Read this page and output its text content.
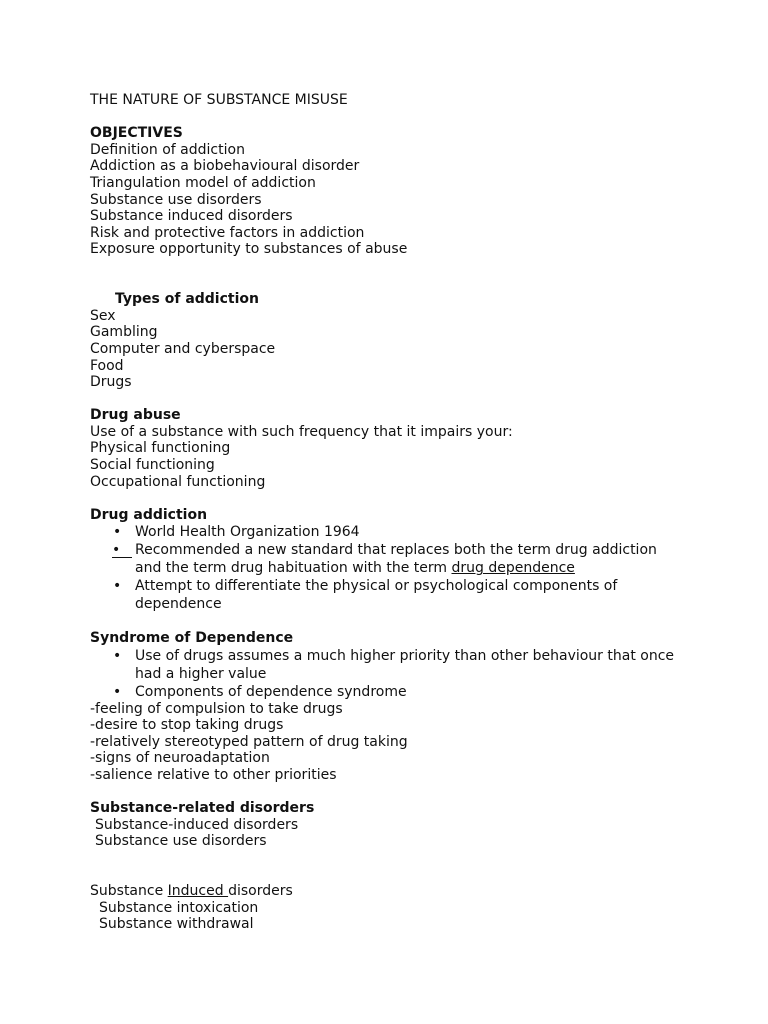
THE NATURE OF SUBSTANCE MISUSE
OBJECTIVES
Definition of addiction
Addiction as a biobehavioural disorder
Triangulation model of addiction
Substance use disorders
Substance induced disorders
Risk and protective factors in addiction
Exposure opportunity to substances of abuse
Types of addiction
Sex
Gambling
Computer and cyberspace
Food
Drugs
Drug abuse
Use of a substance with such frequency that it impairs your:
Physical functioning
Social functioning
Occupational functioning
Drug addiction
• World Health Organization 1964
•	Recommended a new standard that replaces both the term drug addiction
and the term drug habituation with the term drug dependence
• Attempt to differentiate the physical or psychological components of
dependence
Syndrome of Dependence
• Use of drugs assumes a much higher priority than other behaviour that once
had a higher value
• Components of dependence syndrome
-feeling of compulsion to take drugs
-desire to stop taking drugs
-relatively stereotyped pattern of drug taking
-signs of neuroadaptation
-salience relative to other priorities
Substance-related disorders
Substance-induced disorders
Substance use disorders
Substance Induced disorders
Substance intoxication
Substance withdrawal
